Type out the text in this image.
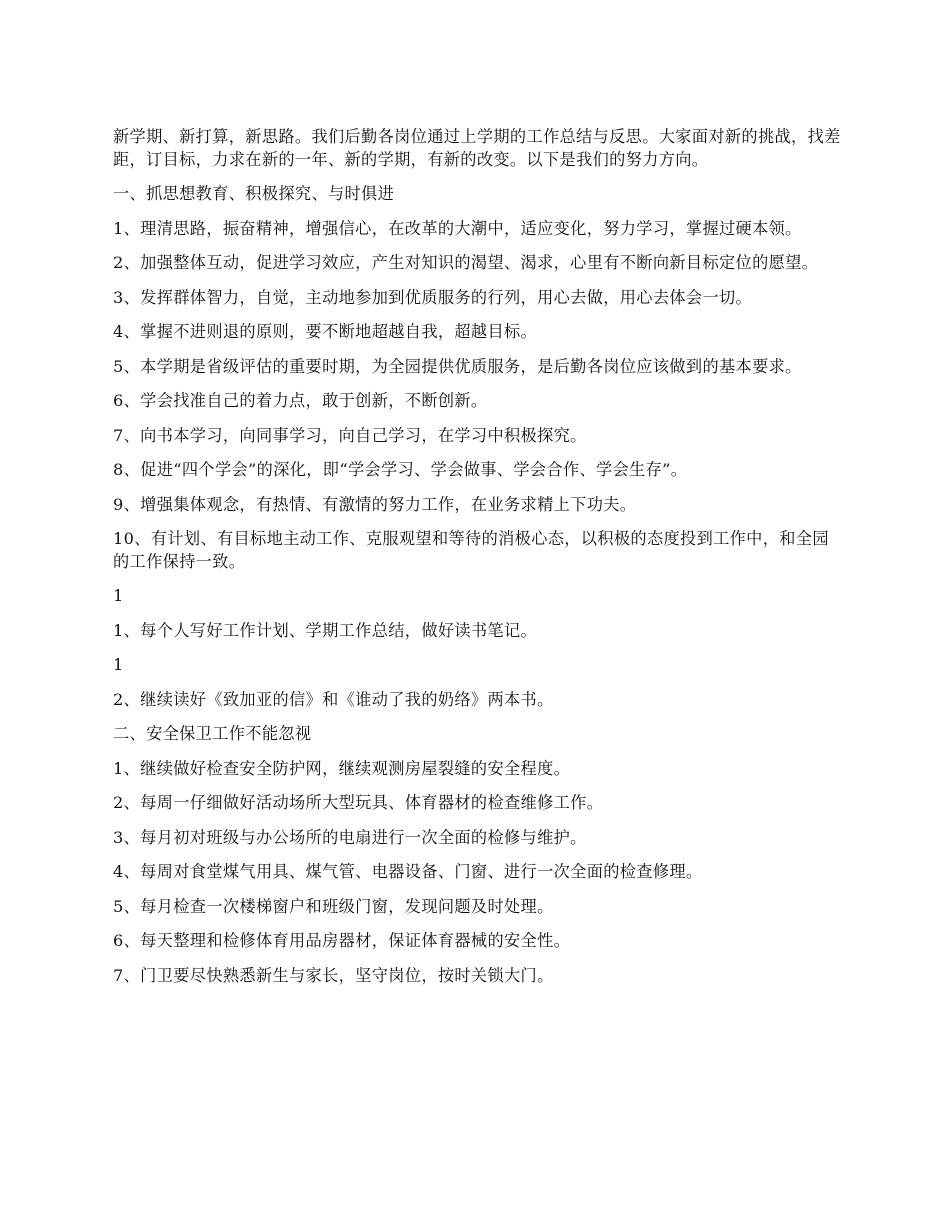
新学期、新打算，新思路。我们后勤各岗位通过上学期的工作总结与反思。大家面对新的挑战，找差距，订目标，力求在新的一年、新的学期，有新的改变。以下是我们的努力方向。

一、抓思想教育、积极探究、与时俱进

1、理清思路，振奋精神，增强信心，在改革的大潮中，适应变化，努力学习，掌握过硬本领。

2、加强整体互动，促进学习效应，产生对知识的渴望、渴求，心里有不断向新目标定位的愿望。

3、发挥群体智力，自觉，主动地参加到优质服务的行列，用心去做，用心去体会一切。

4、掌握不进则退的原则，要不断地超越自我，超越目标。

5、本学期是省级评估的重要时期，为全园提供优质服务，是后勤各岗位应该做到的基本要求。

6、学会找准自己的着力点，敢于创新，不断创新。

7、向书本学习，向同事学习，向自己学习，在学习中积极探究。

8、促进“四个学会”的深化，即“学会学习、学会做事、学会合作、学会生存”。

9、增强集体观念，有热情、有激情的努力工作，在业务求精上下功夫。

10、有计划、有目标地主动工作、克服观望和等待的消极心态，以积极的态度投到工作中，和全园的工作保持一致。

1

1、每个人写好工作计划、学期工作总结，做好读书笔记。

1

2、继续读好《致加亚的信》和《谁动了我的奶络》两本书。

二、安全保卫工作不能忽视

1、继续做好检查安全防护网，继续观测房屋裂缝的安全程度。

2、每周一仔细做好活动场所大型玩具、体育器材的检查维修工作。

3、每月初对班级与办公场所的电扇进行一次全面的检修与维护。

4、每周对食堂煤气用具、煤气管、电器设备、门窗、进行一次全面的检查修理。

5、每月检查一次楼梯窗户和班级门窗，发现问题及时处理。

6、每天整理和检修体育用品房器材，保证体育器械的安全性。

7、门卫要尽快熟悉新生与家长，坚守岗位，按时关锁大门。
